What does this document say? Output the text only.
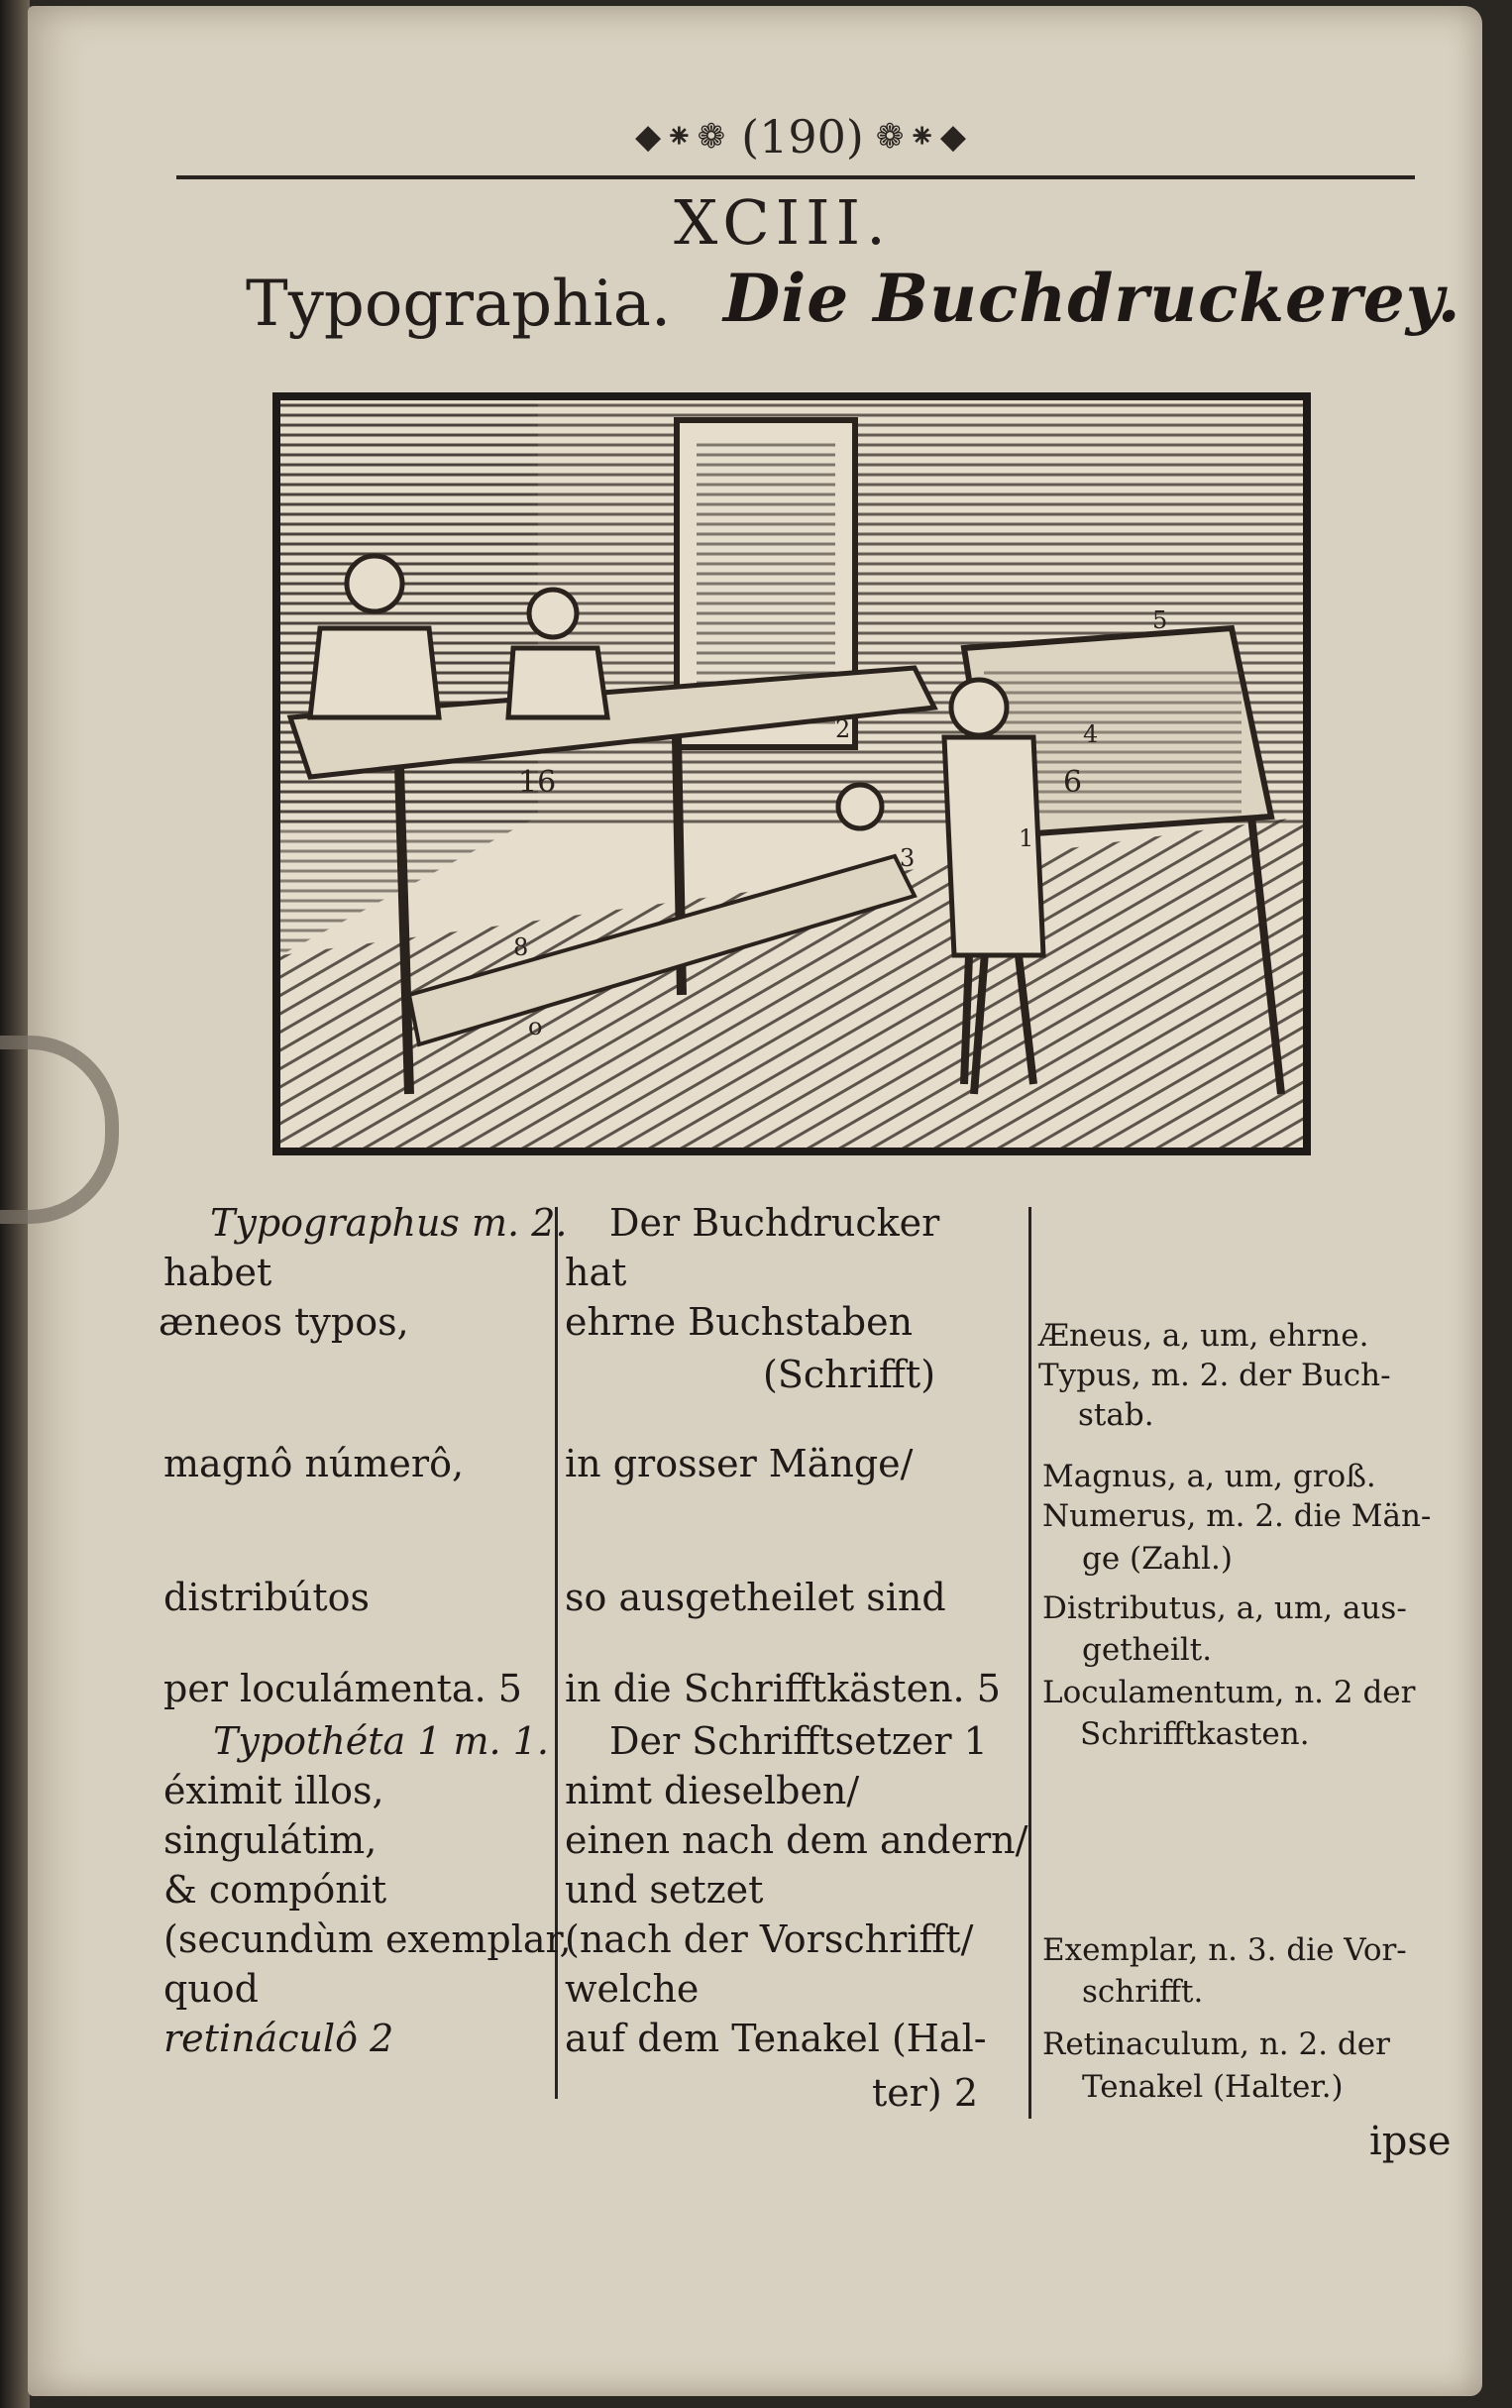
◆⁕❁ (190) ❁⁕◆
XCIII.
Typographia. Die Buchdruckerey.
16
8
o
6
4
5
3
2
1
Typographus m. 2.
habet
æneos typos,
magnô númerô,
distribútos
per loculámenta. 5
Typothéta 1 m. 1.
éximit illos,
singulátim,
& compónit
(secundùm exemplar,
quod
retináculô 2
Der Buchdrucker
hat
ehrne Buchstaben
(Schrifft)
in grosser Mänge/
so ausgetheilet sind
in die Schrifftkästen. 5
Der Schrifftsetzer 1
nimt dieselben/
einen nach dem andern/
und setzet
(nach der Vorschrifft/
welche
auf dem Tenakel (Hal-
ter) 2
Æneus, a, um, ehrne.
Typus, m. 2. der Buch-
stab.
Magnus, a, um, groß.
Numerus, m. 2. die Män-
ge (Zahl.)
Distributus, a, um, aus-
getheilt.
Loculamentum, n. 2 der
Schrifftkasten.
Exemplar, n. 3. die Vor-
schrifft.
Retinaculum, n. 2. der
Tenakel (Halter.)
ipse
